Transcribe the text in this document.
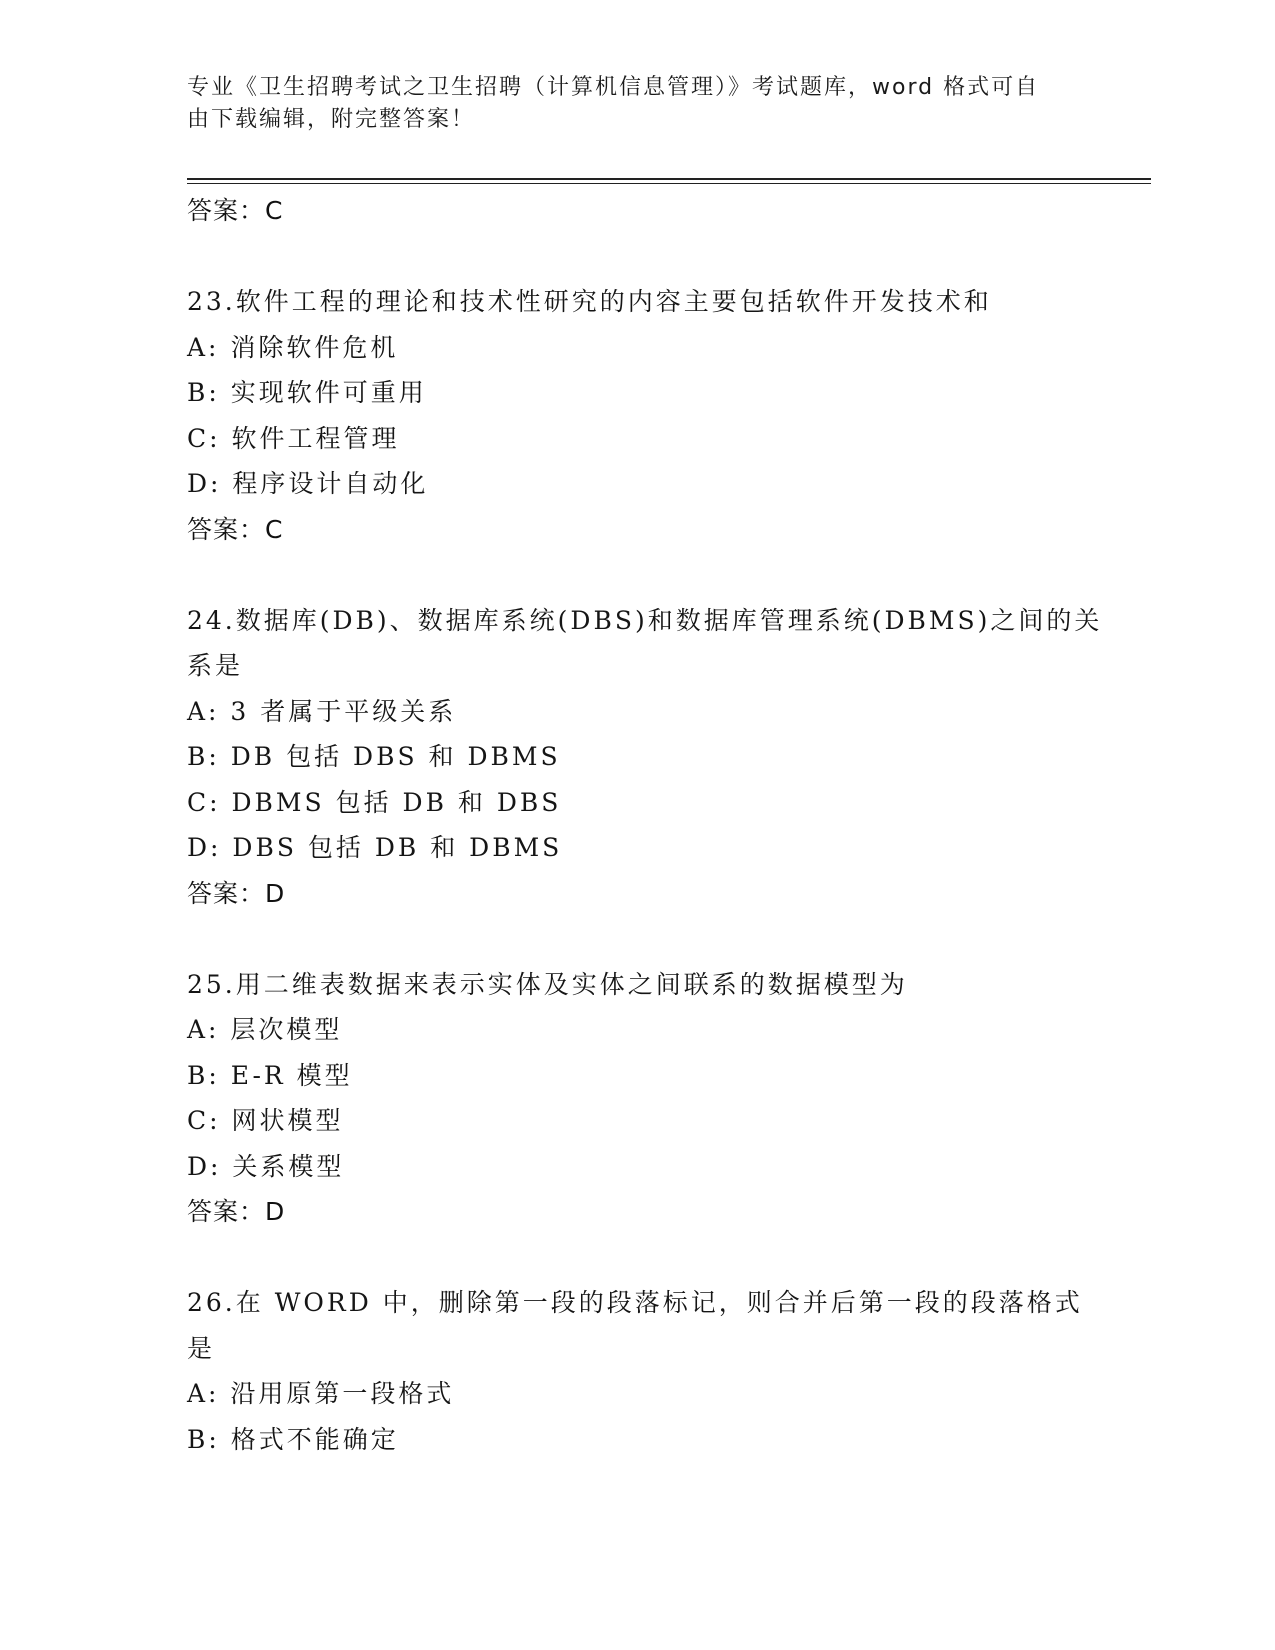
专业《卫生招聘考试之卫生招聘（计算机信息管理）》考试题库，word 格式可自
由下载编辑，附完整答案！
答案：C
23.软件工程的理论和技术性研究的内容主要包括软件开发技术和
A: 消除软件危机
B: 实现软件可重用
C: 软件工程管理
D: 程序设计自动化
答案：C
24.数据库(DB)、数据库系统(DBS)和数据库管理系统(DBMS)之间的关
系是
A: 3 者属于平级关系
B: DB 包括 DBS 和 DBMS
C: DBMS 包括 DB 和 DBS
D: DBS 包括 DB 和 DBMS
答案：D
25.用二维表数据来表示实体及实体之间联系的数据模型为
A: 层次模型
B: E-R 模型
C: 网状模型
D: 关系模型
答案：D
26.在 WORD 中，删除第一段的段落标记，则合并后第一段的段落格式
是
A: 沿用原第一段格式
B: 格式不能确定
